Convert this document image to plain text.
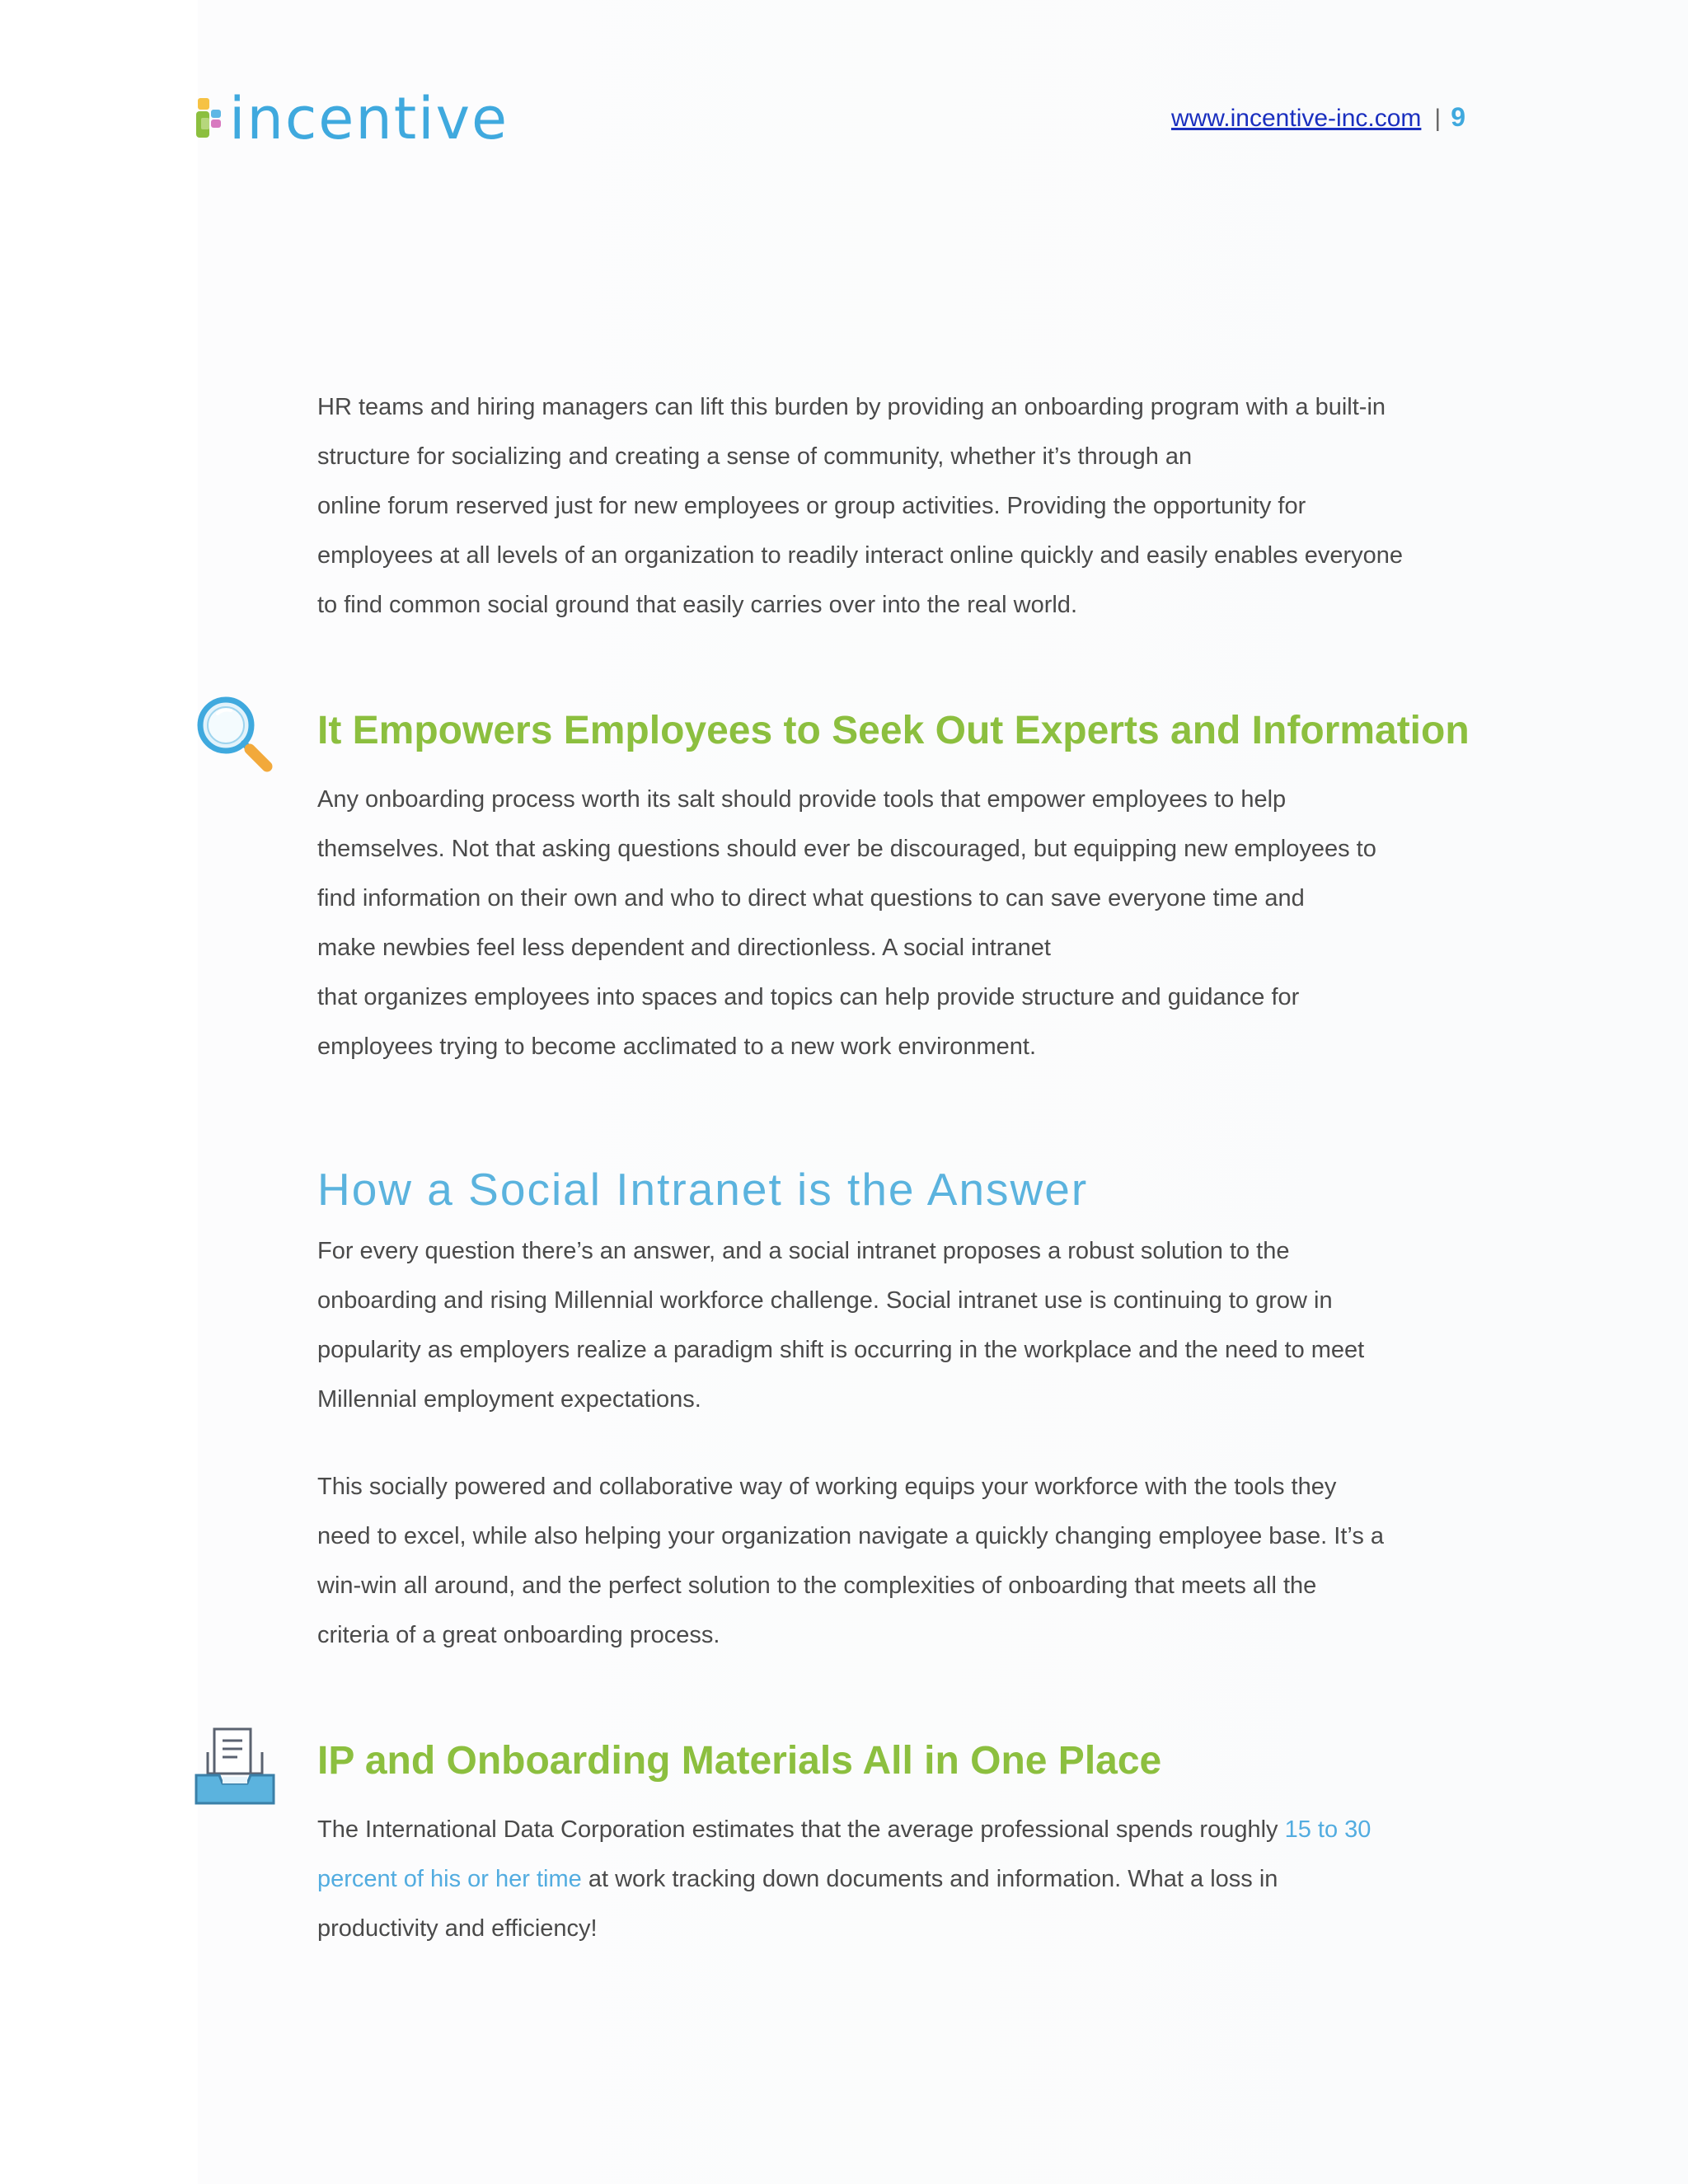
incentive	www.incentive-inc.com | 9

HR teams and hiring managers can lift this burden by providing an onboarding program with a built-in
structure for socializing and creating a sense of community, whether it’s through an
online forum reserved just for new employees or group activities. Providing the opportunity for
employees at all levels of an organization to readily interact online quickly and easily enables everyone
to find common social ground that easily carries over into the real world.

It Empowers Employees to Seek Out Experts and Information

Any onboarding process worth its salt should provide tools that empower employees to help
themselves. Not that asking questions should ever be discouraged, but equipping new employees to
find information on their own and who to direct what questions to can save everyone time and
make newbies feel less dependent and directionless. A social intranet
that organizes employees into spaces and topics can help provide structure and guidance for
employees trying to become acclimated to a new work environment.

How a Social Intranet is the Answer

For every question there’s an answer, and a social intranet proposes a robust solution to the
onboarding and rising Millennial workforce challenge. Social intranet use is continuing to grow in
popularity as employers realize a paradigm shift is occurring in the workplace and the need to meet
Millennial employment expectations.

This socially powered and collaborative way of working equips your workforce with the tools they
need to excel, while also helping your organization navigate a quickly changing employee base. It’s a
win-win all around, and the perfect solution to the complexities of onboarding that meets all the
criteria of a great onboarding process.

IP and Onboarding Materials All in One Place

The International Data Corporation estimates that the average professional spends roughly 15 to 30
percent of his or her time at work tracking down documents and information. What a loss in
productivity and efficiency!
